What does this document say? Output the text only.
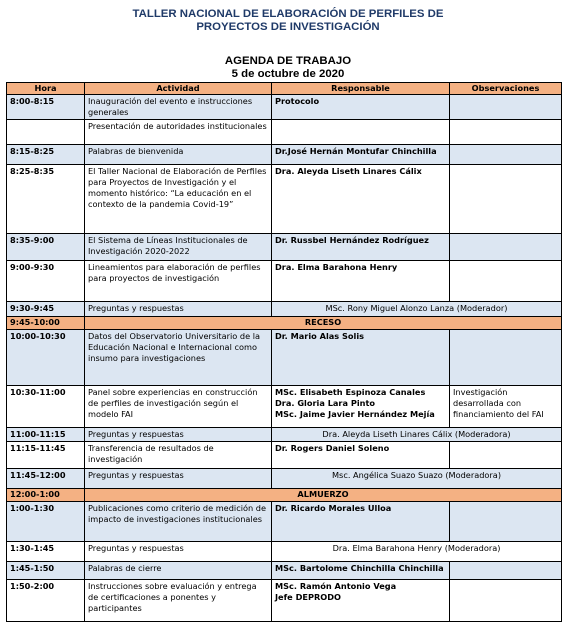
TALLER NACIONAL DE ELABORACIÓN DE PERFILES DE
PROYECTOS DE INVESTIGACIÓN
AGENDA DE TRABAJO
5 de octubre de 2020
Hora	Actividad	Responsable	Observaciones
8:00-8:15	Inauguración del evento e instrucciones generales	Protocolo	
	Presentación de autoridades institucionales		
8:15-8:25	Palabras de bienvenida	Dr.José Hernán Montufar Chinchilla	
8:25-8:35	El Taller Nacional de Elaboración de Perfiles para Proyectos de Investigación y el momento histórico: “La educación en el contexto de la pandemia Covid-19”	Dra. Aleyda Liseth Linares Cálix	
8:35-9:00	El Sistema de Líneas Institucionales de Investigación 2020-2022	Dr. Russbel Hernández Rodríguez	
9:00-9:30	Lineamientos para elaboración de perfiles para proyectos de investigación	Dra. Elma Barahona Henry	
9:30-9:45	Preguntas y respuestas	MSc. Rony Miguel Alonzo Lanza (Moderador)	
9:45-10:00	RECESO		
10:00-10:30	Datos del Observatorio Universitario de la Educación Nacional e Internacional como insumo para investigaciones	Dr. Mario Alas Solis	
10:30-11:00	Panel sobre experiencias en construcción de perfiles de investigación según el modelo FAI	MSc. Elisabeth Espinoza Canales
Dra. Gloria Lara Pinto
MSc. Jaime Javier Hernández Mejía	Investigación desarrollada con financiamiento del FAI
11:00-11:15	Preguntas y respuestas	Dra. Aleyda Liseth Linares Cálix (Moderadora)	
11:15-11:45	Transferencia de resultados de investigación	Dr. Rogers Daniel Soleno	
11:45-12:00	Preguntas y respuestas	Msc. Angélica Suazo Suazo (Moderadora)	
12:00-1:00	ALMUERZO		
1:00-1:30	Publicaciones como criterio de medición de impacto de investigaciones institucionales	Dr. Ricardo Morales Ulloa	
1:30-1:45	Preguntas y respuestas	Dra. Elma Barahona Henry (Moderadora)	
1:45-1:50	Palabras de cierre	MSc. Bartolome Chinchilla Chinchilla	
1:50-2:00	Instrucciones sobre evaluación y entrega de certificaciones a ponentes y participantes	MSc. Ramón Antonio Vega
Jefe DEPRODO	
